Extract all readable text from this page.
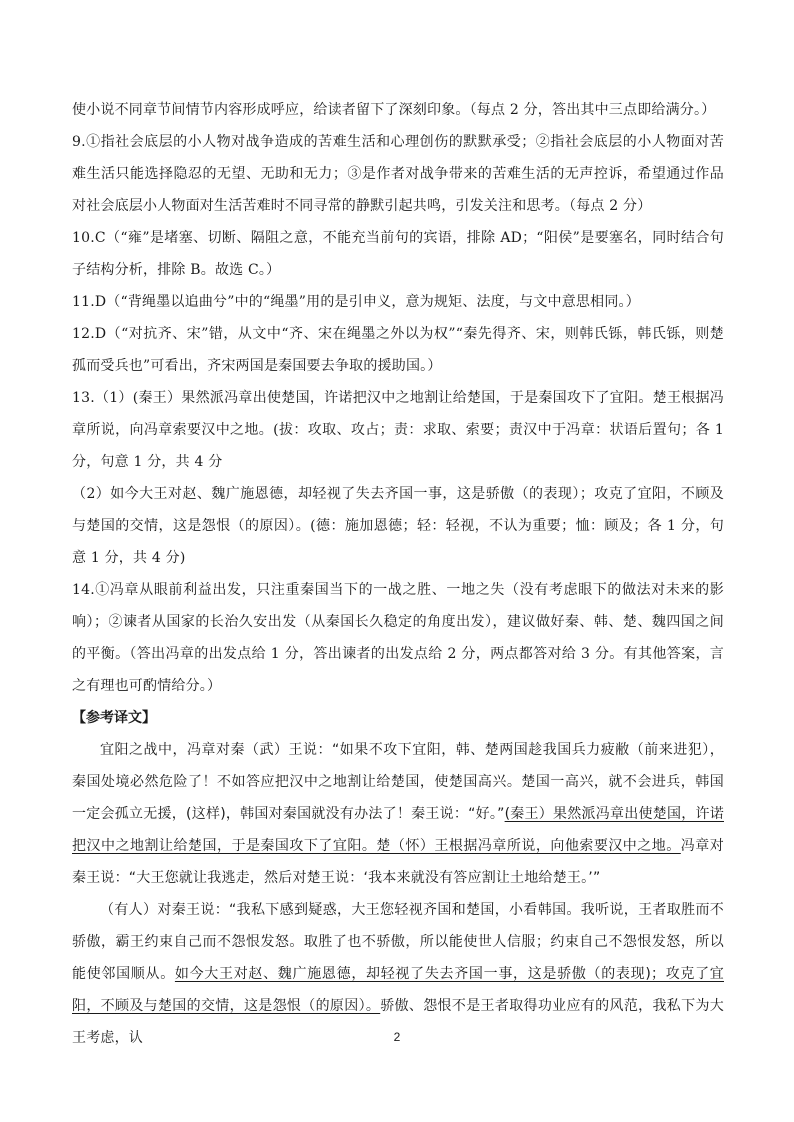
使小说不同章节间情节内容形成呼应，给读者留下了深刻印象。（每点 2 分，答出其中三点即给满分。）

9.①指社会底层的小人物对战争造成的苦难生活和心理创伤的默默承受；②指社会底层的小人物面对苦难生活只能选择隐忍的无望、无助和无力；③是作者对战争带来的苦难生活的无声控诉，希望通过作品对社会底层小人物面对生活苦难时不同寻常的静默引起共鸣，引发关注和思考。（每点 2 分）

10.C（“雍”是堵塞、切断、隔阻之意，不能充当前句的宾语，排除 AD；“阳侯”是要塞名，同时结合句子结构分析，排除 B。故选 C。）

11.D（“背绳墨以追曲兮”中的“绳墨”用的是引申义，意为规矩、法度，与文中意思相同。）

12.D（“对抗齐、宋”错，从文中“齐、宋在绳墨之外以为权”“秦先得齐、宋，则韩氏铄，韩氏铄，则楚孤而受兵也”可看出，齐宋两国是秦国要去争取的援助国。）

13.（1）(秦王）果然派冯章出使楚国，许诺把汉中之地割让给楚国，于是秦国攻下了宜阳。楚王根据冯章所说，向冯章索要汉中之地。(拔：攻取、攻占；责：求取、索要；责汉中于冯章：状语后置句；各 1 分，句意 1 分，共 4 分

（2）如今大王对赵、魏广施恩德，却轻视了失去齐国一事，这是骄傲（的表现）；攻克了宜阳，不顾及与楚国的交情，这是怨恨（的原因）。(德：施加恩德；轻：轻视，不认为重要；恤：顾及；各 1 分，句意 1 分，共 4 分)

14.①冯章从眼前利益出发，只注重秦国当下的一战之胜、一地之失（没有考虑眼下的做法对未来的影响）；②谏者从国家的长治久安出发（从秦国长久稳定的角度出发），建议做好秦、韩、楚、魏四国之间的平衡。（答出冯章的出发点给 1 分，答出谏者的出发点给 2 分，两点都答对给 3 分。有其他答案，言之有理也可酌情给分。）

【参考译文】

宜阳之战中，冯章对秦（武）王说：“如果不攻下宜阳，韩、楚两国趁我国兵力疲敝（前来进犯），秦国处境必然危险了！不如答应把汉中之地割让给楚国，使楚国高兴。楚国一高兴，就不会进兵，韩国一定会孤立无援，(这样)，韩国对秦国就没有办法了！秦王说：“好。”(秦王）果然派冯章出使楚国，许诺把汉中之地割让给楚国，于是秦国攻下了宜阳。楚（怀）王根据冯章所说，向他索要汉中之地。冯章对秦王说：“大王您就让我逃走，然后对楚王说：‘我本来就没有答应割让土地给楚王。’”

（有人）对秦王说：“我私下感到疑惑，大王您轻视齐国和楚国，小看韩国。我听说，王者取胜而不骄傲，霸王约束自己而不怨恨发怒。取胜了也不骄傲，所以能使世人信服；约束自己不怨恨发怒，所以能使邻国顺从。如今大王对赵、魏广施恩德，却轻视了失去齐国一事，这是骄傲（的表现)；攻克了宜阳，不顾及与楚国的交情，这是怨恨（的原因）。骄傲、怨恨不是王者取得功业应有的风范，我私下为大王考虑，认	2
